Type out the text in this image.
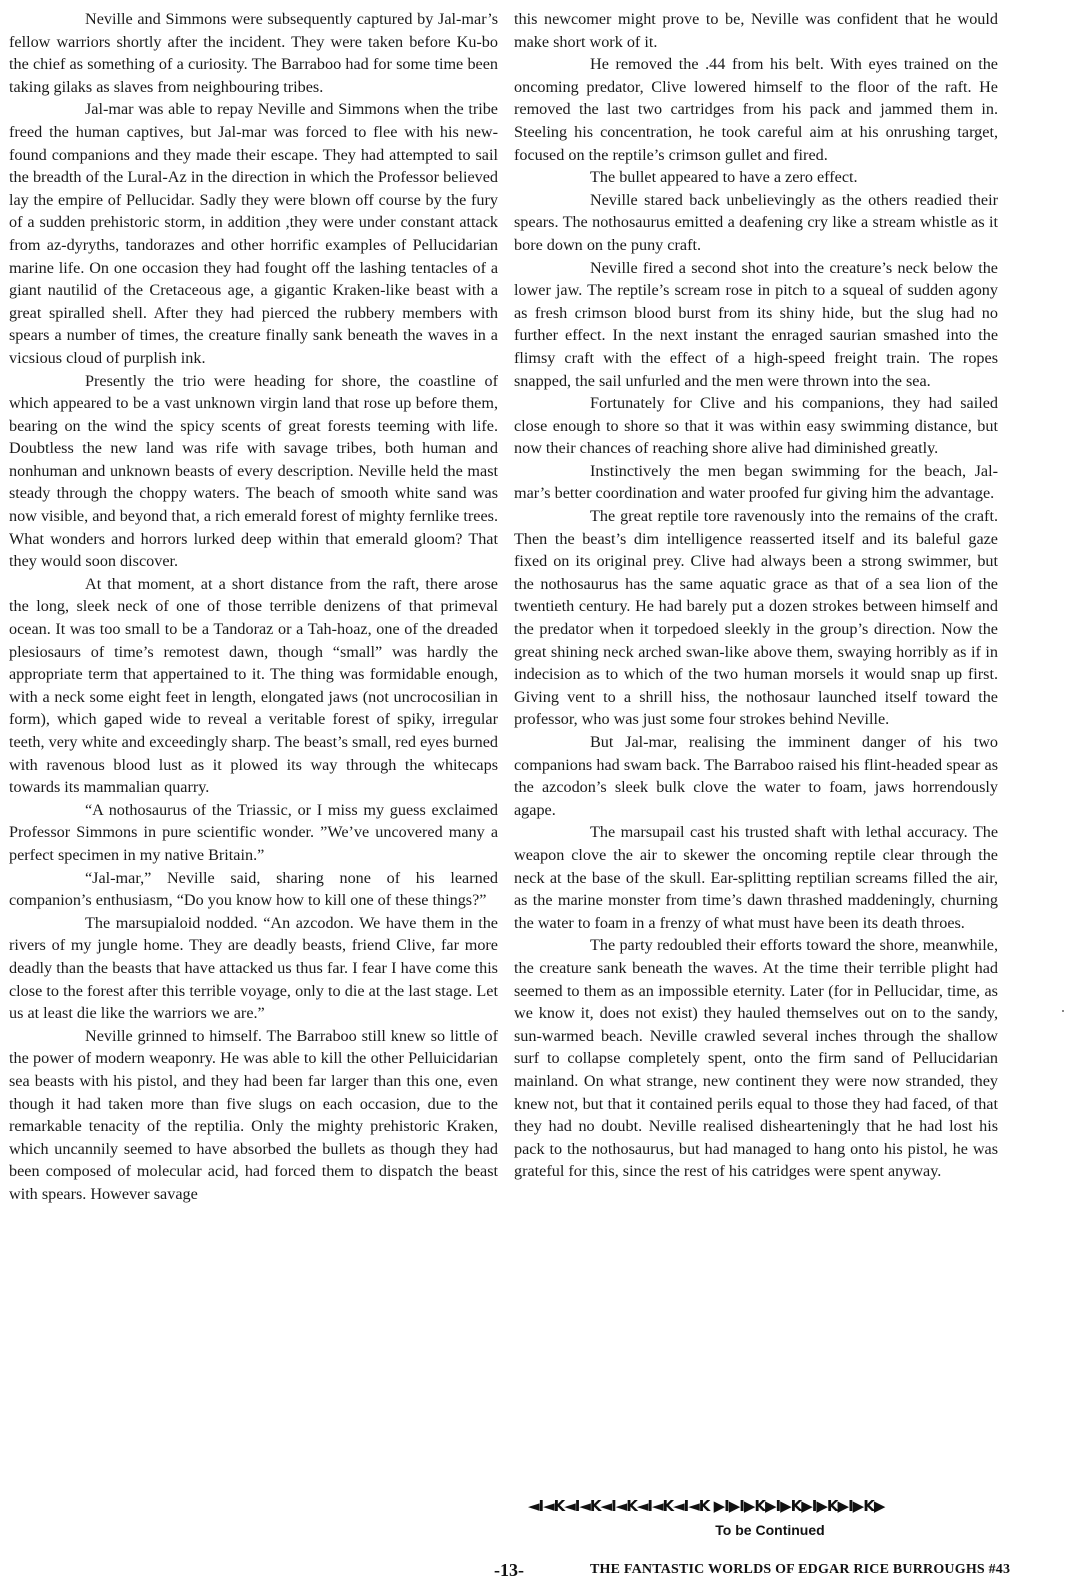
Neville and Simmons were subsequently captured by Jal-mar’s fellow warriors shortly after the incident. They were taken before Ku-bo the chief as something of a curiosity. The Barraboo had for some time been taking gilaks as slaves from neighbouring tribes.

Jal-mar was able to repay Neville and Simmons when the tribe freed the human captives, but Jal-mar was forced to flee with his new-found companions and they made their escape. They had attempted to sail the breadth of the Lural-Az in the direction in which the Professor believed lay the empire of Pellucidar. Sadly they were blown off course by the fury of a sudden prehistoric storm, in addition ,they were under constant attack from az-dyryths, tandorazes and other horrific examples of Pellucidarian marine life. On one occasion they had fought off the lashing tentacles of a giant nautilid of the Cretaceous age, a gigantic Kraken-like beast with a great spiralled shell. After they had pierced the rubbery members with spears a number of times, the creature finally sank beneath the waves in a vicsious cloud of purplish ink.

Presently the trio were heading for shore, the coastline of which appeared to be a vast unknown virgin land that rose up before them, bearing on the wind the spicy scents of great forests teeming with life. Doubtless the new land was rife with savage tribes, both human and nonhuman and unknown beasts of every description. Neville held the mast steady through the choppy waters. The beach of smooth white sand was now visible, and beyond that, a rich emerald forest of mighty fernlike trees. What wonders and horrors lurked deep within that emerald gloom? That they would soon discover.

At that moment, at a short distance from the raft, there arose the long, sleek neck of one of those terrible denizens of that primeval ocean. It was too small to be a Tandoraz or a Tah-hoaz, one of the dreaded plesiosaurs of time’s remotest dawn, though “small” was hardly the appropriate term that appertained to it. The thing was formidable enough, with a neck some eight feet in length, elongated jaws (not uncrocosilian in form), which gaped wide to reveal a veritable forest of spiky, irregular teeth, very white and exceedingly sharp. The beast’s small, red eyes burned with ravenous blood lust as it plowed its way through the whitecaps towards its mammalian quarry.

“A nothosaurus of the Triassic, or I miss my guess exclaimed Professor Simmons in pure scientific wonder. ”We’ve uncovered many a perfect specimen in my native Britain.”

“Jal-mar,” Neville said, sharing none of his learned companion’s enthusiasm, “Do you know how to kill one of these things?”

The marsupialoid nodded. “An azcodon. We have them in the rivers of my jungle home. They are deadly beasts, friend Clive, far more deadly than the beasts that have attacked us thus far. I fear I have come this close to the forest after this terrible voyage, only to die at the last stage. Let us at least die like the warriors we are.”

Neville grinned to himself. The Barraboo still knew so little of the power of modern weaponry. He was able to kill the other Pelluicidarian sea beasts with his pistol, and they had been far larger than this one, even though it had taken more than five slugs on each occasion, due to the remarkable tenacity of the reptilia. Only the mighty prehistoric Kraken, which uncannily seemed to have absorbed the bullets as though they had been composed of molecular acid, had forced them to dispatch the beast with spears. However savage

this newcomer might prove to be, Neville was confident that he would make short work of it.

He removed the .44 from his belt. With eyes trained on the oncoming predator, Clive lowered himself to the floor of the raft. He removed the last two cartridges from his pack and jammed them in. Steeling his concentration, he took careful aim at his onrushing target, focused on the reptile’s crimson gullet and fired.

The bullet appeared to have a zero effect.

Neville stared back unbelievingly as the others readied their spears. The nothosaurus emitted a deafening cry like a stream whistle as it bore down on the puny craft.

Neville fired a second shot into the creature’s neck below the lower jaw. The reptile’s scream rose in pitch to a squeal of sudden agony as fresh crimson blood burst from its shiny hide, but the slug had no further effect. In the next instant the enraged saurian smashed into the flimsy craft with the effect of a high-speed freight train. The ropes snapped, the sail unfurled and the men were thrown into the sea.

Fortunately for Clive and his companions, they had sailed close enough to shore so that it was within easy swimming distance, but now their chances of reaching shore alive had diminished greatly.

Instinctively the men began swimming for the beach, Jal-mar’s better coordination and water proofed fur giving him the advantage.

The great reptile tore ravenously into the remains of the craft. Then the beast’s dim intelligence reasserted itself and its baleful gaze fixed on its original prey. Clive had always been a strong swimmer, but the nothosaurus has the same aquatic grace as that of a sea lion of the twentieth century. He had barely put a dozen strokes between himself and the predator when it torpedoed sleekly in the group’s direction. Now the great shining neck arched swan-like above them, swaying horribly as if in indecision as to which of the two human morsels it would snap up first. Giving vent to a shrill hiss, the nothosaur launched itself toward the professor, who was just some four strokes behind Neville.

But Jal-mar, realising the imminent danger of his two companions had swam back. The Barraboo raised his flint-headed spear as the azcodon’s sleek bulk clove the water to foam, jaws horrendously agape.

The marsupail cast his trusted shaft with lethal accuracy. The weapon clove the air to skewer the oncoming reptile clear through the neck at the base of the skull. Ear-splitting reptilian screams filled the air, as the marine monster from time’s dawn thrashed maddeningly, churning the water to foam in a frenzy of what must have been its death throes.

The party redoubled their efforts toward the shore, meanwhile, the creature sank beneath the waves. At the time their terrible plight had seemed to them as an impossible eternity. Later (for in Pellucidar, time, as we know it, does not exist) they hauled themselves out on to the sandy, sun-warmed beach. Neville crawled several inches through the shallow surf to collapse completely spent, onto the firm sand of Pellucidarian mainland. On what strange, new continent they were now stranded, they knew not, but that it contained perils equal to those they had faced, of that they had no doubt. Neville realised dishearteningly that he had lost his pack to the nothosaurus, but had managed to hang onto his pistol, he was grateful for this, since the rest of his catridges were spent anyway.

◄I◄K◄I◄K◄I◄K◄I◄K◄I◄K ▶I▶I▶K▶I▶K▶I▶K▶I▶K▶
To be Continued
-13-	THE FANTASTIC WORLDS OF EDGAR RICE BURROUGHS #43
